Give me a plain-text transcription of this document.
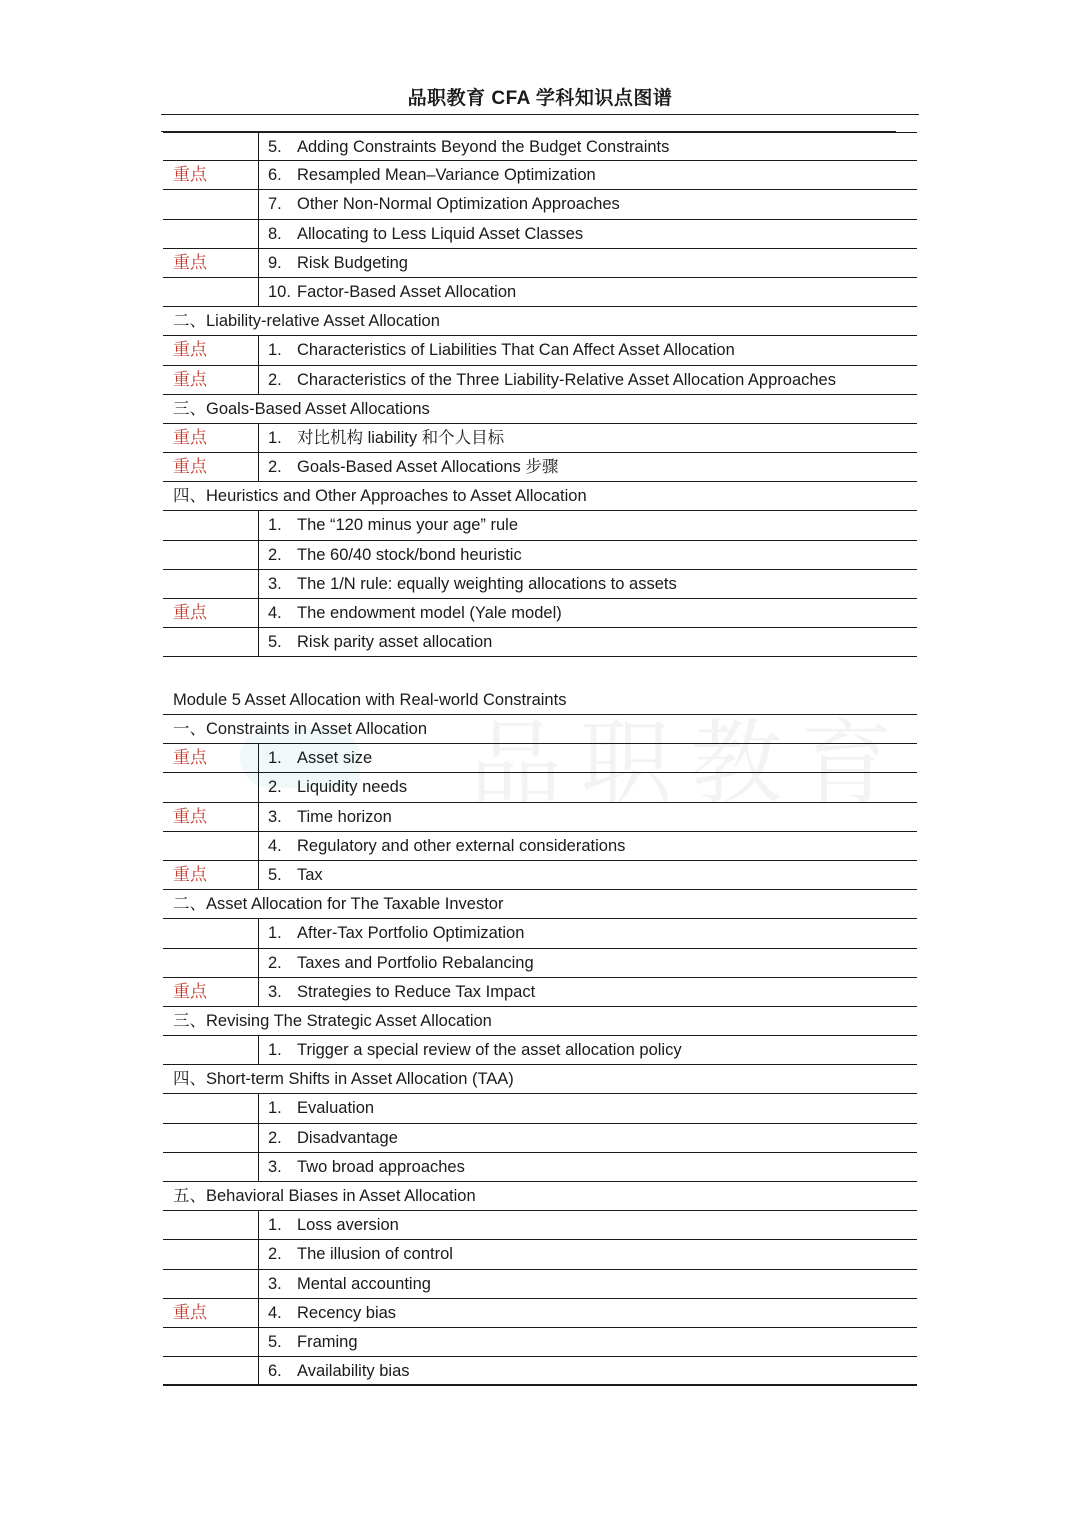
品职教育 CFA 学科知识点图谱
品职教育
5. Adding Constraints Beyond the Budget Constraints
重点	6. Resampled Mean–Variance Optimization
7. Other Non-Normal Optimization Approaches
8. Allocating to Less Liquid Asset Classes
重点	9. Risk Budgeting
10. Factor-Based Asset Allocation
二、Liability-relative Asset Allocation
重点	1. Characteristics of Liabilities That Can Affect Asset Allocation
重点	2. Characteristics of the Three Liability-Relative Asset Allocation Approaches
三、Goals-Based Asset Allocations
重点	1. 对比机构 liability 和个人目标
重点	2. Goals-Based Asset Allocations 步骤
四、Heuristics and Other Approaches to Asset Allocation
1. The “120 minus your age” rule
2. The 60/40 stock/bond heuristic
3. The 1/N rule: equally weighting allocations to assets
重点	4. The endowment model (Yale model)
5. Risk parity asset allocation
Module 5 Asset Allocation with Real-world Constraints
一、Constraints in Asset Allocation
重点	1. Asset size
2. Liquidity needs
重点	3. Time horizon
4. Regulatory and other external considerations
重点	5. Tax
二、Asset Allocation for The Taxable Investor
1. After-Tax Portfolio Optimization
2. Taxes and Portfolio Rebalancing
重点	3. Strategies to Reduce Tax Impact
三、Revising The Strategic Asset Allocation
1. Trigger a special review of the asset allocation policy
四、Short-term Shifts in Asset Allocation (TAA)
1. Evaluation
2. Disadvantage
3. Two broad approaches
五、Behavioral Biases in Asset Allocation
1. Loss aversion
2. The illusion of control
3. Mental accounting
重点	4. Recency bias
5. Framing
6. Availability bias
